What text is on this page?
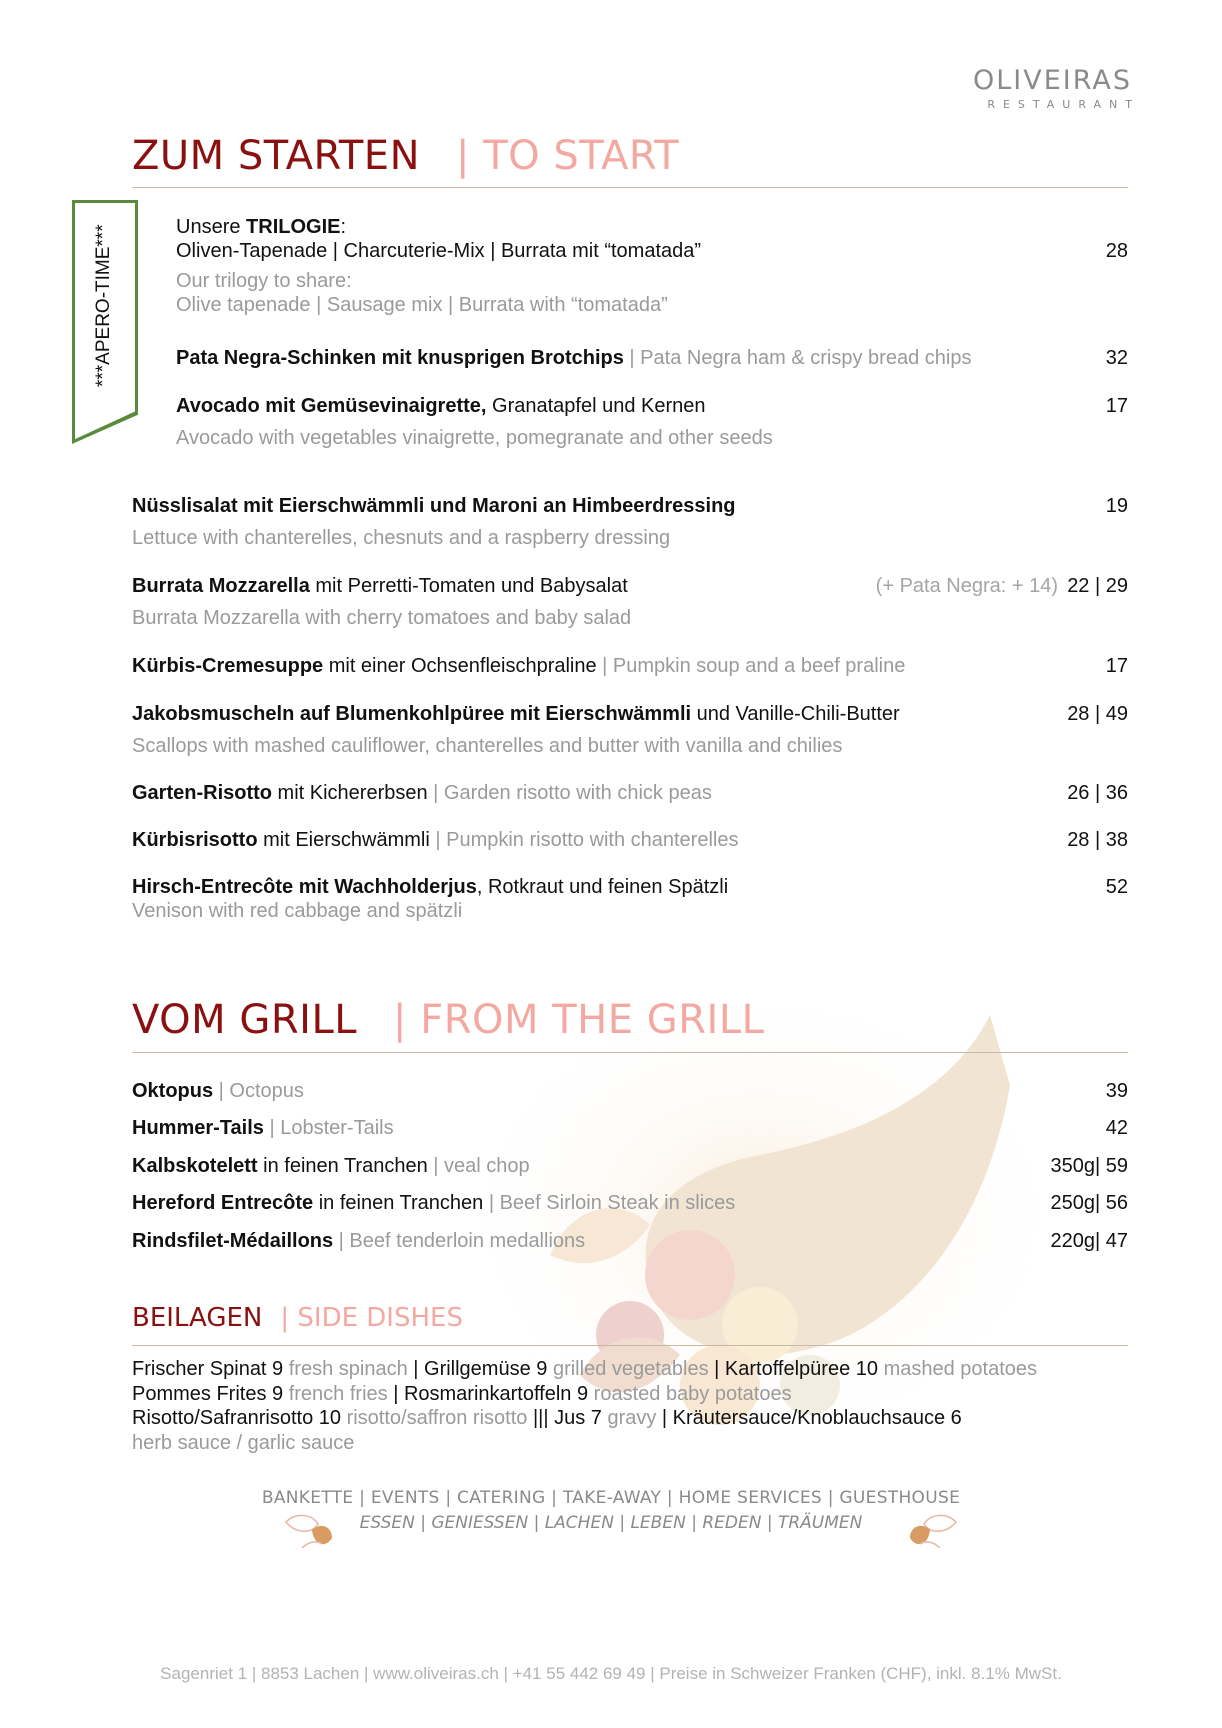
OLIVEIRAS
RESTAURANT
ZUM STARTEN | TO START
***APERO-TIME***	Unsere TRILOGIE:
Oliven-Tapenade | Charcuterie-Mix | Burrata mit “tomatada”	28
Our trilogy to share:
Olive tapenade | Sausage mix | Burrata with “tomatada”
Pata Negra-Schinken mit knusprigen Brotchips | Pata Negra ham & crispy bread chips	32
Avocado mit Gemüsevinaigrette, Granatapfel und Kernen	17
Avocado with vegetables vinaigrette, pomegranate and other seeds
Nüsslisalat mit Eierschwämmli und Maroni an Himbeerdressing	19
Lettuce with chanterelles, chesnuts and a raspberry dressing
Burrata Mozzarella mit Perretti-Tomaten und Babysalat	(+ Pata Negra: + 14) 22 | 29
Burrata Mozzarella with cherry tomatoes and baby salad
Kürbis-Cremesuppe mit einer Ochsenfleischpraline | Pumpkin soup and a beef praline	17
Jakobsmuscheln auf Blumenkohlpüree mit Eierschwämmli und Vanille-Chili-Butter	28 | 49
Scallops with mashed cauliflower, chanterelles and butter with vanilla and chilies
Garten-Risotto mit Kichererbsen | Garden risotto with chick peas	26 | 36
Kürbisrisotto mit Eierschwämmli | Pumpkin risotto with chanterelles	28 | 38
Hirsch-Entrecôte mit Wachholderjus, Rotkraut und feinen Spätzli	52
Venison with red cabbage and spätzli
VOM GRILL | FROM THE GRILL
Oktopus | Octopus	39
Hummer-Tails | Lobster-Tails	42
Kalbskotelett in feinen Tranchen | veal chop	350g| 59
Hereford Entrecôte in feinen Tranchen | Beef Sirloin Steak in slices	250g| 56
Rindsfilet-Médaillons | Beef tenderloin medallions	220g| 47
BEILAGEN | SIDE DISHES
Frischer Spinat 9 fresh spinach | Grillgemüse 9 grilled vegetables | Kartoffelpüree 10 mashed potatoes
Pommes Frites 9 french fries | Rosmarinkartoffeln 9 roasted baby potatoes
Risotto/Safranrisotto 10 risotto/saffron risotto ||| Jus 7 gravy | Kräutersauce/Knoblauchsauce 6
herb sauce / garlic sauce
BANKETTE | EVENTS | CATERING | TAKE-AWAY | HOME SERVICES | GUESTHOUSE
ESSEN | GENIESSEN | LACHEN | LEBEN | REDEN | TRÄUMEN
Sagenriet 1 | 8853 Lachen | www.oliveiras.ch | +41 55 442 69 49 | Preise in Schweizer Franken (CHF), inkl. 8.1% MwSt.
